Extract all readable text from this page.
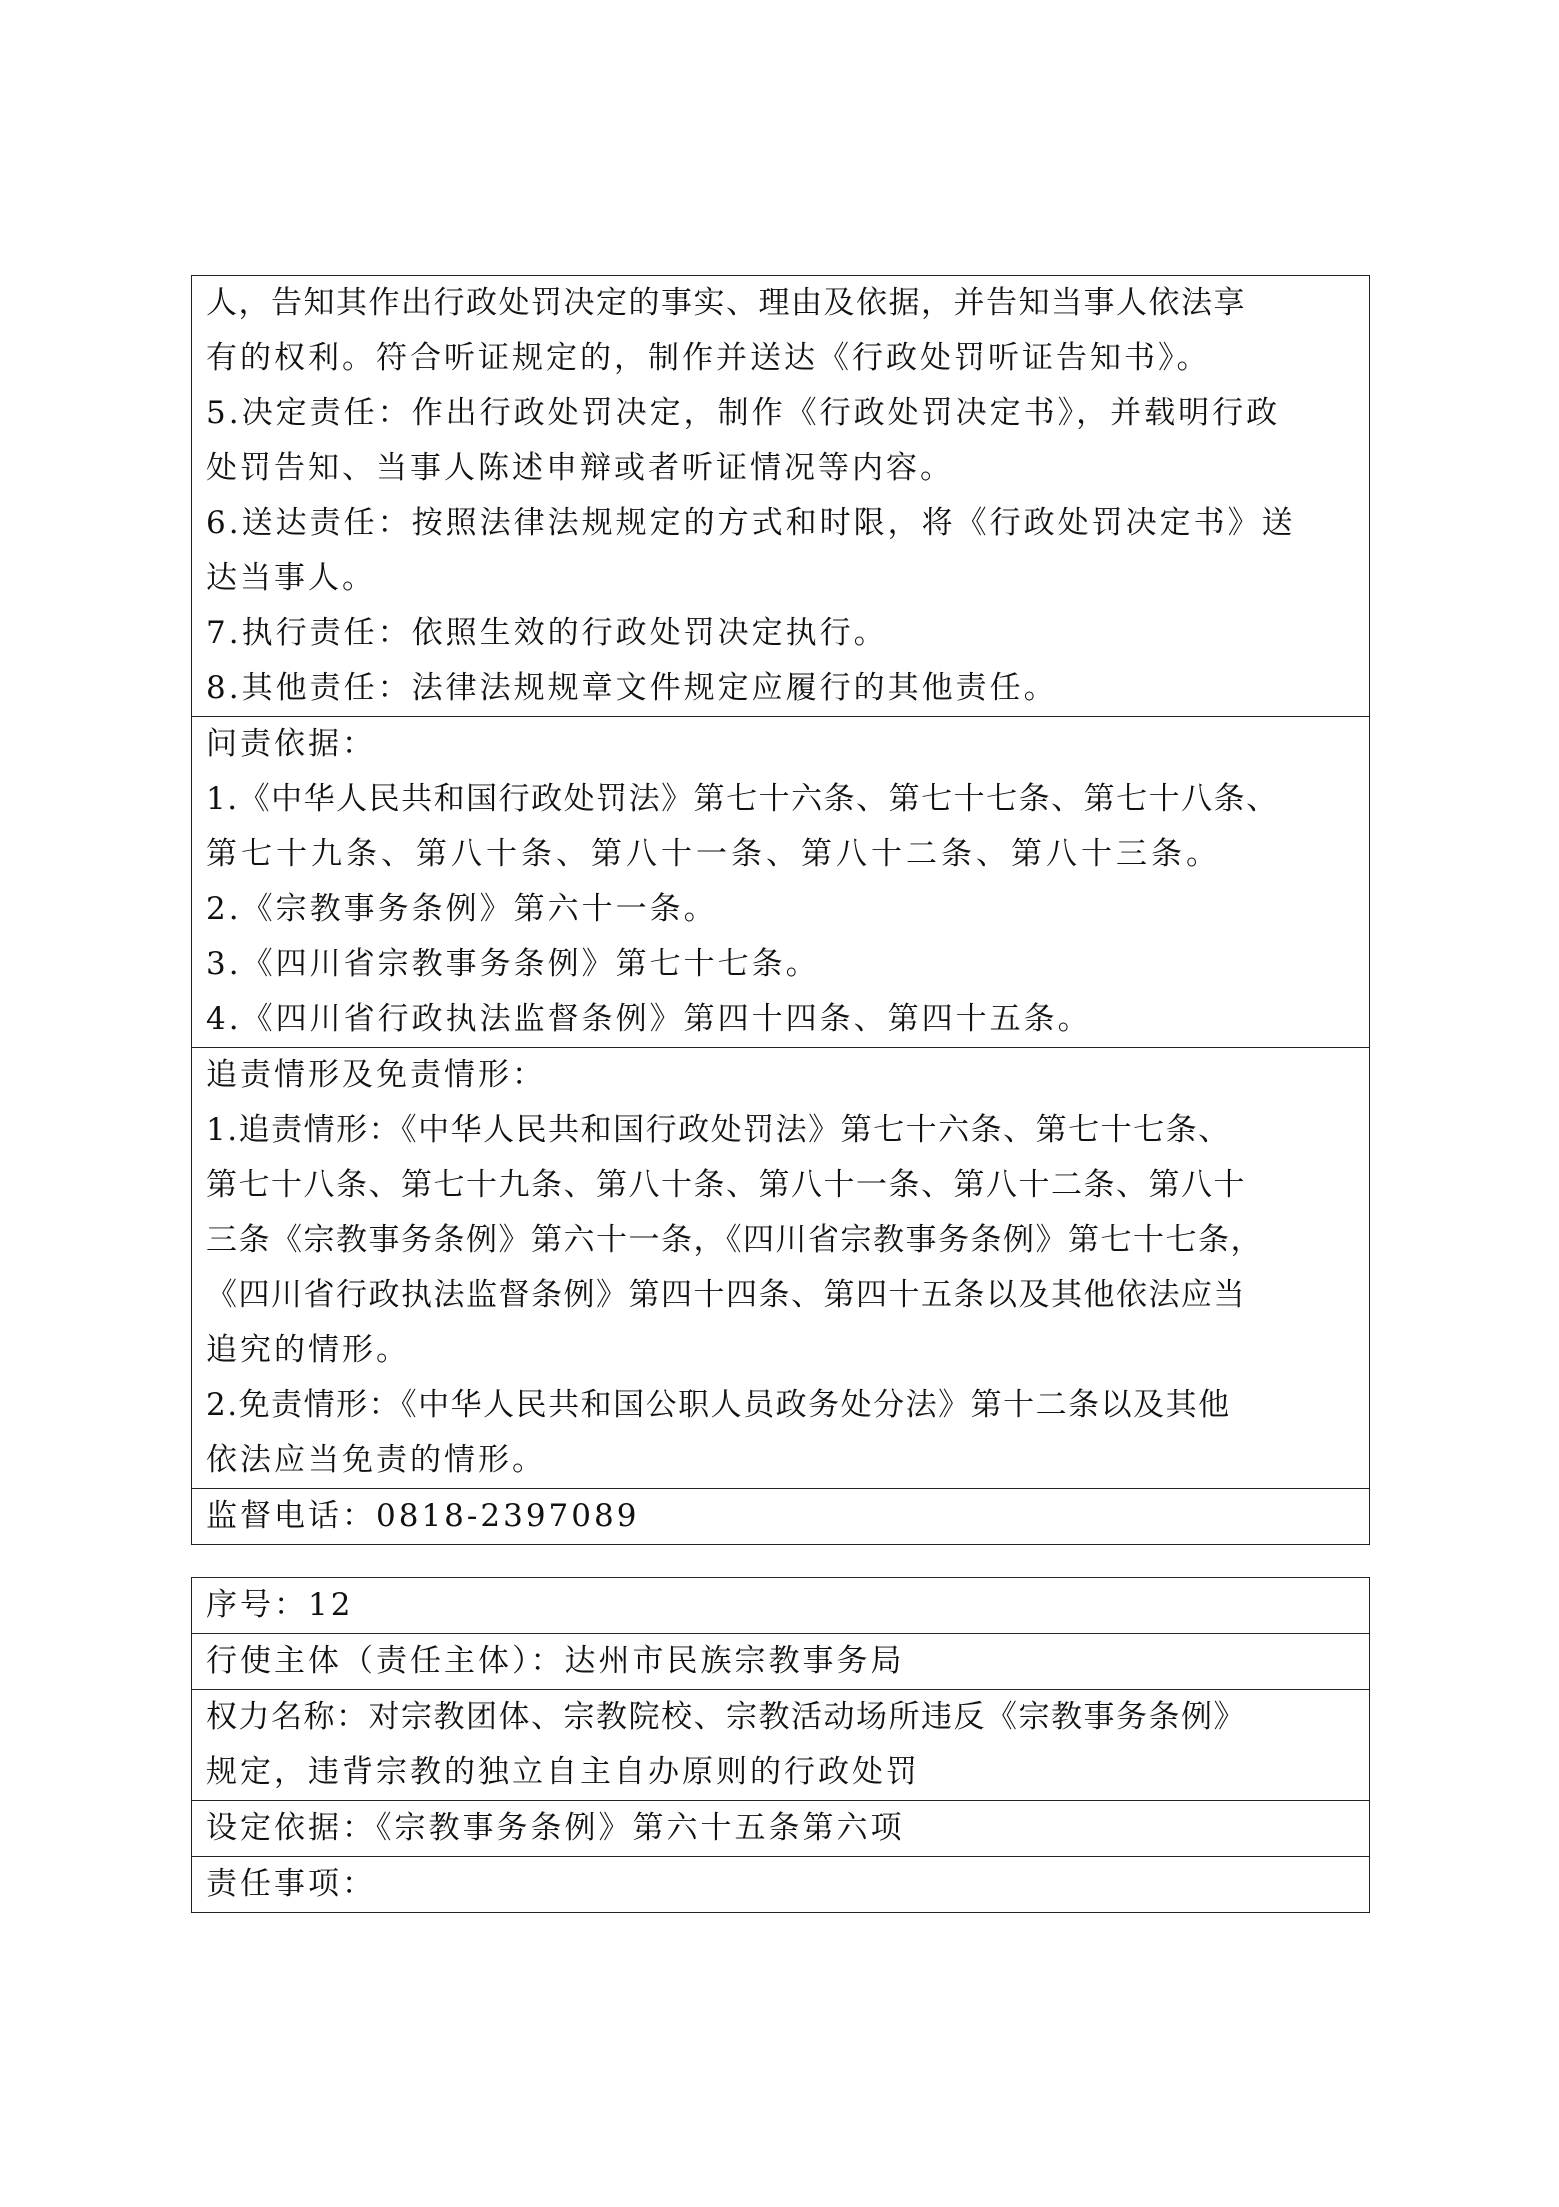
人，告知其作出行政处罚决定的事实、理由及依据，并告知当事人依法享
有的权利。符合听证规定的，制作并送达《行政处罚听证告知书》。
5.决定责任：作出行政处罚决定，制作《行政处罚决定书》，并载明行政
处罚告知、当事人陈述申辩或者听证情况等内容。
6.送达责任：按照法律法规规定的方式和时限，将《行政处罚决定书》送
达当事人。
7.执行责任：依照生效的行政处罚决定执行。
8.其他责任：法律法规规章文件规定应履行的其他责任。
问责依据：
1.《中华人民共和国行政处罚法》第七十六条、第七十七条、第七十八条、
第七十九条、第八十条、第八十一条、第八十二条、第八十三条。
2.《宗教事务条例》第六十一条。
3.《四川省宗教事务条例》第七十七条。
4.《四川省行政执法监督条例》第四十四条、第四十五条。
追责情形及免责情形：
1.追责情形：《中华人民共和国行政处罚法》第七十六条、第七十七条、
第七十八条、第七十九条、第八十条、第八十一条、第八十二条、第八十
三条《宗教事务条例》第六十一条，《四川省宗教事务条例》第七十七条，
《四川省行政执法监督条例》第四十四条、第四十五条以及其他依法应当
追究的情形。
2.免责情形：《中华人民共和国公职人员政务处分法》第十二条以及其他
依法应当免责的情形。
监督电话：0818-2397089
序号：12
行使主体（责任主体）：达州市民族宗教事务局
权力名称：对宗教团体、宗教院校、宗教活动场所违反《宗教事务条例》
规定，违背宗教的独立自主自办原则的行政处罚
设定依据：《宗教事务条例》第六十五条第六项
责任事项：
